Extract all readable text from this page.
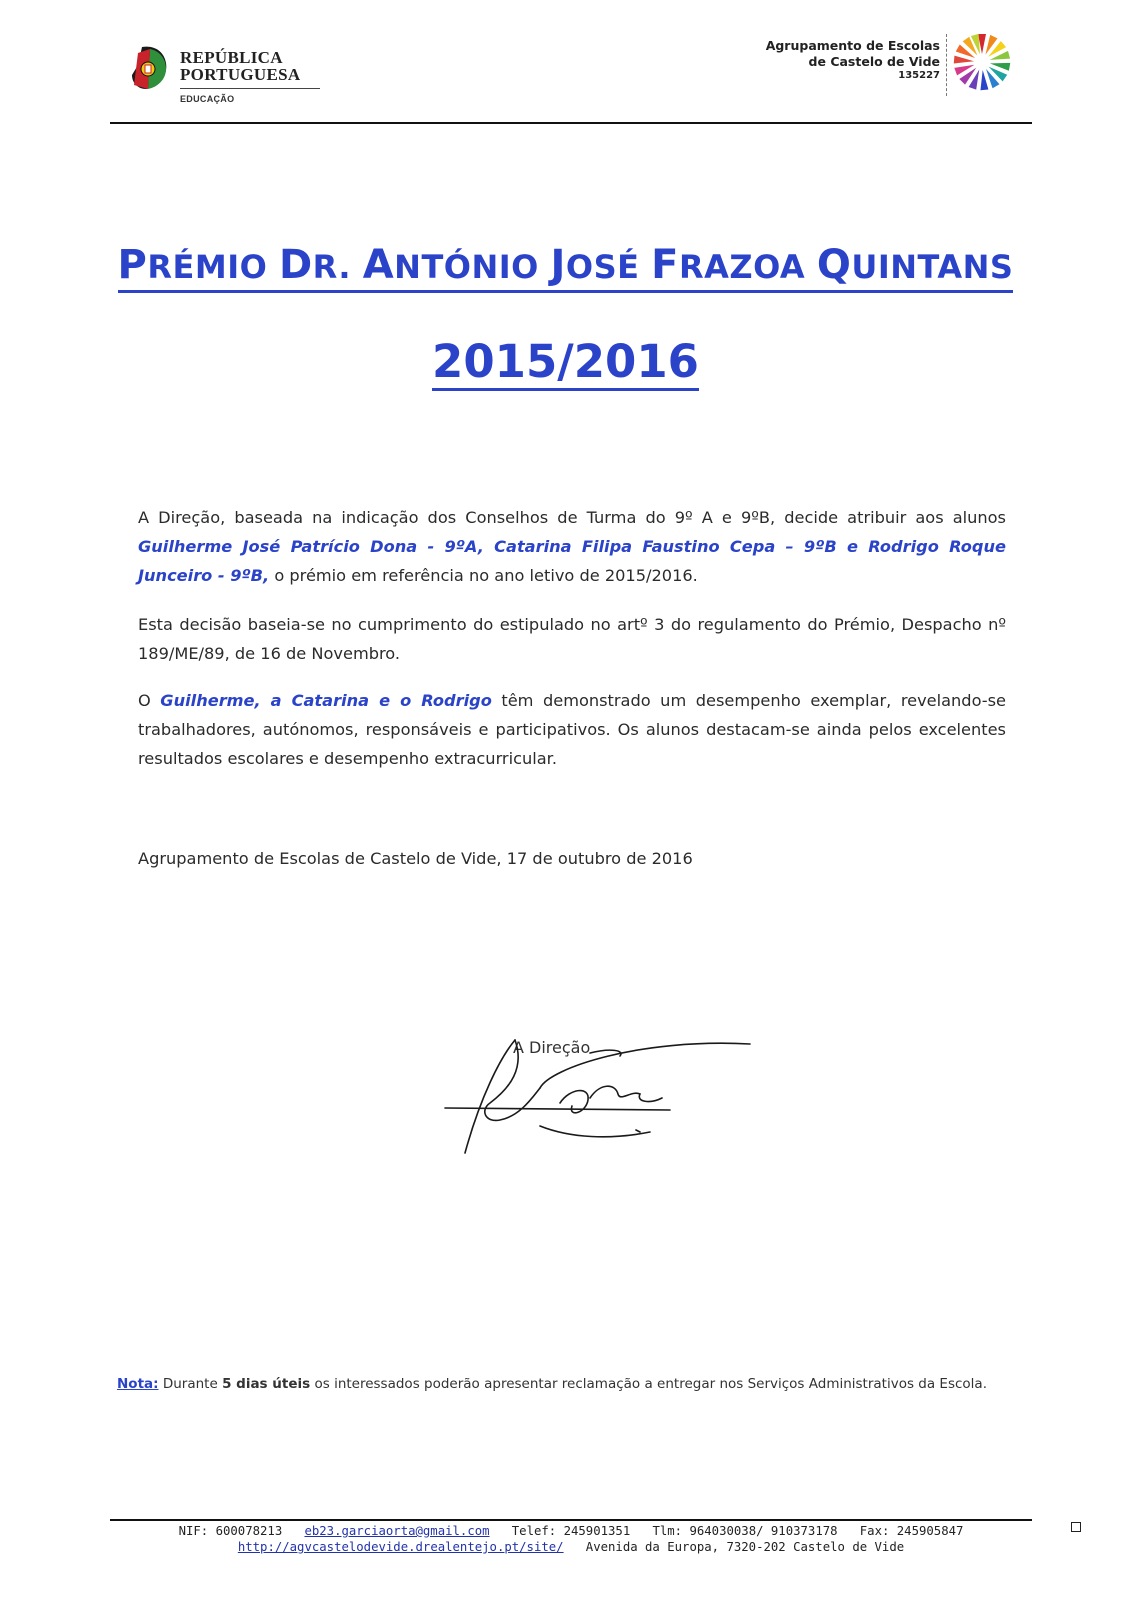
REPÚBLICA
PORTUGUESA
EDUCAÇÃO
Agrupamento de Escolas
de Castelo de Vide
135227
PRÉMIO DR. ANTÓNIO JOSÉ FRAZOA QUINTANS
2015/2016
A Direção, baseada na indicação dos Conselhos de Turma do 9º A e 9ºB, decide atribuir aos alunos Guilherme José Patrício Dona - 9ºA, Catarina Filipa Faustino Cepa – 9ºB e Rodrigo Roque Junceiro - 9ºB, o prémio em referência no ano letivo de 2015/2016.
Esta decisão baseia-se no cumprimento do estipulado no artº 3 do regulamento do Prémio, Despacho nº 189/ME/89, de 16 de Novembro.
O Guilherme, a Catarina e o Rodrigo têm demonstrado um desempenho exemplar, revelando-se trabalhadores, autónomos, responsáveis e participativos. Os alunos destacam-se ainda pelos excelentes resultados escolares e desempenho extracurricular.
Agrupamento de Escolas de Castelo de Vide, 17 de outubro de 2016
A Direção
Nota: Durante 5 dias úteis os interessados poderão apresentar reclamação a entregar nos Serviços Administrativos da Escola.
NIF: 600078213 eb23.garciaorta@gmail.com Telef: 245901351 Tlm: 964030038/ 910373178 Fax: 245905847
http://agvcastelodevide.drealentejo.pt/site/ Avenida da Europa, 7320-202 Castelo de Vide
